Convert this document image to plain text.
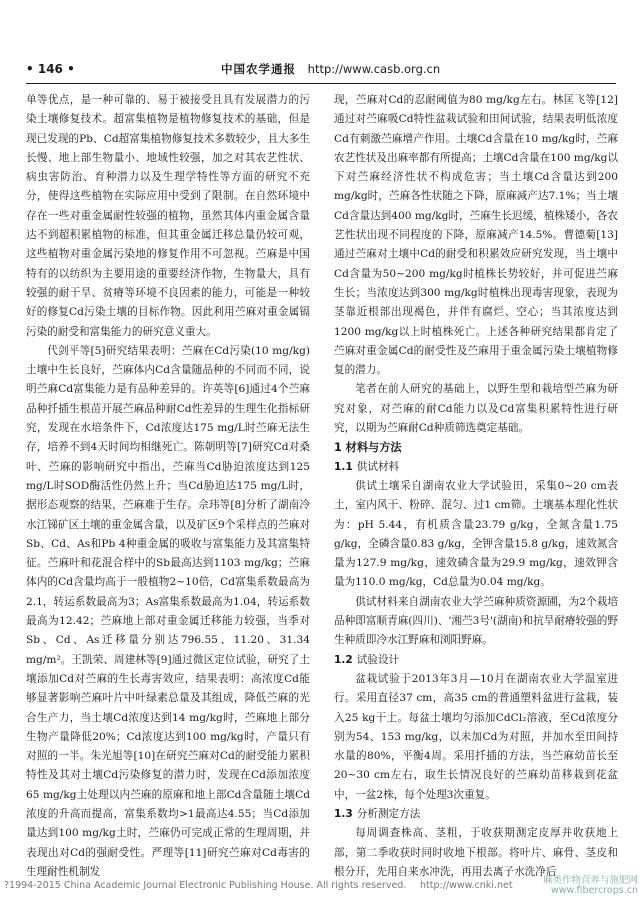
• 146 •	中国农学通报 http://www.casb.org.cn

单等优点，是一种可靠的、易于被接受且具有发展潜力的污染土壤修复技术。超富集植物是植物修复技术的基础，但是现已发现的Pb、Cd超富集植物修复技术多数较少，且大多生长慢、地上部生物量小、地域性较强，加之对其农艺性状、病虫害防治、育种潜力以及生理学特性等方面的研究不充分，使得这些植物在实际应用中受到了限制。在自然环境中存在一些对重金属耐性较强的植物，虽然其体内重金属含量达不到超积累植物的标准，但其重金属迁移总量仍较可观，这些植物对重金属污染地的修复作用不可忽视。苎麻是中国特有的以纺织为主要用途的重要经济作物，生物量大，具有较强的耐干旱、贫瘠等环境不良因素的能力，可能是一种较好的修复Cd污染土壤的目标作物。因此利用苎麻对重金属镉污染的耐受和富集能力的研究意义重大。

代剑平等[5]研究结果表明：苎麻在Cd污染(10 mg/kg)土壤中生长良好，苎麻体内Cd含量随品种的不同而不同，说明苎麻Cd富集能力是有品种差异的。许英等[6]通过4个苎麻品种扦插生根苗开展苎麻品种耐Cd性差异的生理生化指标研究，发现在水培条件下，Cd浓度达175 mg/L时苎麻无法生存，培养不到4天时间均相继死亡。陈朝明等[7]研究Cd对桑叶、苎麻的影响研究中指出，苎麻当Cd胁迫浓度达到125 mg/L时SOD酶活性仍然上升；当Cd胁迫达175 mg/L时，据形态观察的结果，苎麻难于生存。佘玮等[8]分析了湖南冷水江锑矿区土壤的重金属含量，以及矿区9个采样点的苎麻对Sb、Cd、As和Pb 4种重金属的吸收与富集能力及其富集特征。苎麻叶和花混合样中的Sb最高达到1103 mg/kg；苎麻体内的Cd含量均高于一般植物2~10倍，Cd富集系数最高为2.1，转运系数最高为3；As富集系数最高为1.04，转运系数最高为12.42；苎麻地上部对重金属迁移能力较强，当季对Sb、Cd、As迁移量分别达796.55、11.20、31.34 mg/m²。王凯荣、周建林等[9]通过微区定位试验，研究了土壤添加Cd对苎麻的生长毒害效应，结果表明：高浓度Cd能够显著影响苎麻叶片中叶绿素总量及其组成，降低苎麻的光合生产力，当土壤Cd浓度达到14 mg/kg时，苎麻地上部分生物产量降低20%；Cd浓度达到100 mg/kg时，产量只有对照的一半。朱光旭等[10]在研究苎麻对Cd的耐受能力累积特性及其对土壤Cd污染修复的潜力时，发现在Cd添加浓度65 mg/kg土处理以内苎麻的原麻和地上部Cd含量随土壤Cd浓度的升高而提高，富集系数均>1最高达4.55；当Cd添加量达到100 mg/kg土时，苎麻仍可完成正常的生理周期，并表现出对Cd的强耐受性。严理等[11]研究苎麻对Cd毒害的生理耐性机制发

现，苎麻对Cd的忍耐阈值为80 mg/kg左右。林匡飞等[12]通过对苎麻吸Cd特性盆栽试验和田间试验，结果表明低浓度Cd有刺激苎麻增产作用。土壤Cd含量在10 mg/kg时，苎麻农艺性状及出麻率都有所提高；土壤Cd含量在100 mg/kg以下对苎麻经济性状不构成危害；当土壤Cd含量达到200 mg/kg时，苎麻各性状随之下降，原麻减产达7.1%；当土壤Cd含量达到400 mg/kg时，苎麻生长迟缓，植株矮小，各农艺性状出现不同程度的下降，原麻减产14.5%。曹德菊[13]通过苎麻对土壤中Cd的耐受和积累效应研究发现，当土壤中Cd含量为50~200 mg/kg时植株长势较好，并可促进苎麻生长；当浓度达到300 mg/kg时植株出现毒害现象，表现为茎靠近根部出现褐色，并伴有腐烂、空心；当其浓度达到1200 mg/kg以上时植株死亡。上述各种研究结果都肯定了苎麻对重金属Cd的耐受性及苎麻用于重金属污染土壤植物修复的潜力。

笔者在前人研究的基础上，以野生型和栽培型苎麻为研究对象，对苎麻的耐Cd能力以及Cd富集积累特性进行研究，以期为苎麻耐Cd种质筛选奠定基础。

1 材料与方法
1.1 供试材料

供试土壤采自湖南农业大学试验田，采集0~20 cm表土，室内风干、粉碎、混匀、过1 cm筛。土壤基本理化性状为：pH 5.44，有机质含量23.79 g/kg，全氮含量1.75 g/kg，全磷含量0.83 g/kg，全钾含量15.8 g/kg，速效氮含量为127.9 mg/kg，速效磷含量为29.9 mg/kg，速效钾含量为110.0 mg/kg，Cd总量为0.04 mg/kg。

供试材料来自湖南农业大学苎麻种质资源圃，为2个栽培品种即富顺青麻(四川)、'湘苎3号'(湖南)和抗旱耐瘠较强的野生种质即冷水江野麻和浏阳野麻。

1.2 试验设计

盆栽试验于2013年3月—10月在湖南农业大学温室进行。采用直径37 cm，高35 cm的普通塑料盆进行盆栽，装入25 kg干土。每盆土壤均匀添加CdCl₂溶液，至Cd浓度分别为54、153 mg/kg，以未加Cd为对照，并加水至田间持水量的80%，平衡4周。采用扦插的方法，当苎麻幼苗长至20~30 cm左右，取生长情况良好的苎麻幼苗移栽到花盆中，一盆2株，每个处理3次重复。

1.3 分析测定方法

每周调查株高、茎粗，于收获期测定皮厚并收获地上部，第二季收获时同时收地下根部。将叶片、麻骨、茎皮和根分开，先用自来水冲洗，再用去离子水洗净后

?1994-2015 China Academic Journal Electronic Publishing House. All rights reserved. http://www.cnki.net	麻类作物营养与施肥网
www.fibercrops.cn
